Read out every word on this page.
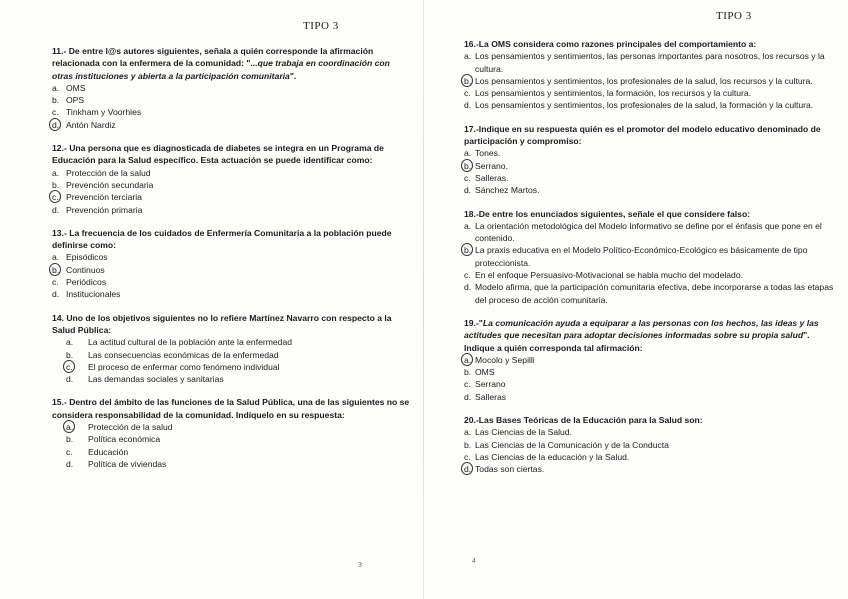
TIPO 3
11.- De entre l@s autores siguientes, señala a quién corresponde la afirmación relacionada con la enfermera de la comunidad: "...que trabaja en coordinación con otras instituciones y abierta a la participación comunitaria".
a. OMS
b. OPS
c. Tinkham y Voorhies
d. Antón Nardiz
12.- Una persona que es diagnosticada de diabetes se integra en un Programa de Educación para la Salud específico. Esta actuación se puede identificar como:
a. Protección de la salud
b. Prevención secundaria
c. Prevención terciaria
d. Prevención primaria
13.- La frecuencia de los cuidados de Enfermería Comunitaria a la población puede definirse como:
a. Episódicos
b. Continuos
c. Periódicos
d. Institucionales
14. Uno de los objetivos siguientes no lo refiere Martínez Navarro con respecto a la Salud Pública:
a.	La actitud cultural de la población ante la enfermedad
b.	Las consecuencias económicas de la enfermedad
c.	El proceso de enfermar como fenómeno individual
d.	Las demandas sociales y sanitarias
15.- Dentro del ámbito de las funciones de la Salud Pública, una de las siguientes no se considera responsabilidad de la comunidad. Indíquelo en su respuesta:
a.	Protección de la salud
b.	Política económica
c.	Educación
d.	Política de viviendas
3
TIPO 3
16.-La OMS considera como razones principales del comportamiento a:
a. Los pensamientos y sentimientos, las personas importantes para nosotros, los recursos y la cultura.
b. Los pensamientos y sentimientos, los profesionales de la salud, los recursos y la cultura.
c. Los pensamientos y sentimientos, la formación, los recursos y la cultura.
d. Los pensamientos y sentimientos, los profesionales de la salud, la formación y la cultura.
17.-Indique en su respuesta quién es el promotor del modelo educativo denominado de participación y compromiso:
a. Tones.
b. Serrano.
c. Salleras.
d. Sánchez Martos.
18.-De entre los enunciados siguientes, señale el que considere falso:
a. La orientación metodológica del Modelo Informativo se define por el énfasis que pone en el contenido.
b. La praxis educativa en el Modelo Político-Económico-Ecológico es básicamente de tipo proteccionista.
c. En el enfoque Persuasivo-Motivacional se habla mucho del modelado.
d. Modelo afirma, que la participación comunitaria efectiva, debe incorporarse a todas las etapas del proceso de acción comunitaria.
19.-"La comunicación ayuda a equiparar a las personas con los hechos, las ideas y las actitudes que necesitan para adoptar decisiones informadas sobre su propia salud". Indique a quién corresponda tal afirmación:
a. Mocolo y Sepilli
b. OMS
c. Serrano
d. Salleras
20.-Las Bases Teóricas de la Educación para la Salud son:
a. Las Ciencias de la Salud.
b. Las Ciencias de la Comunicación y de la Conducta
c. Las Ciencias de la educación y la Salud.
d. Todas son ciertas.
4
